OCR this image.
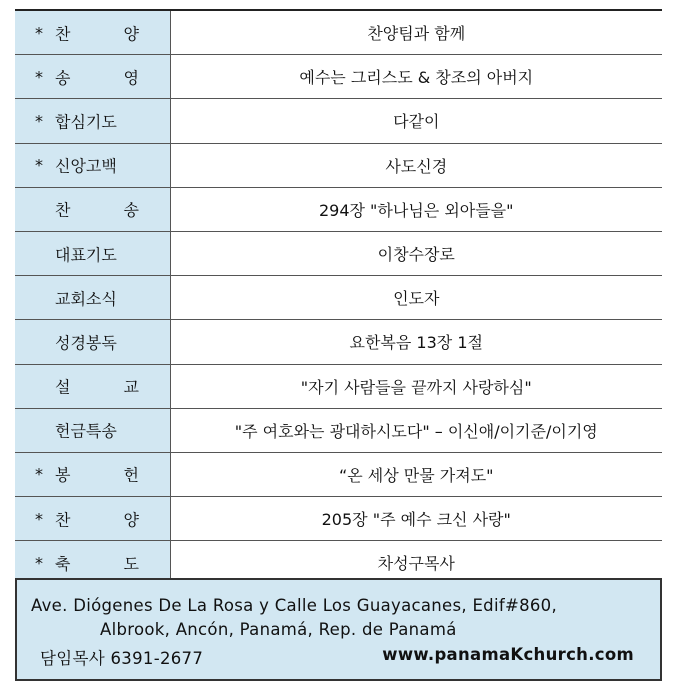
* 찬 양	찬양팀과 함께

* 송 영	예수는 그리스도 & 창조의 아버지

* 합심기도	다같이

* 신앙고백	사도신경

찬 송	294장 "하나님은 외아들을"

대표기도	이창수장로

교회소식	인도자

성경봉독	요한복음 13장 1절

설 교	"자기 사람들을 끝까지 사랑하심"

헌금특송	"주 여호와는 광대하시도다" – 이신애/이기준/이기영

* 봉 헌	“온 세상 만물 가져도"

* 찬 양	205장 "주 예수 크신 사랑"

* 축 도	차성구목사
Ave. Diógenes De La Rosa y Calle Los Guayacanes, Edif#860,
Albrook, Ancón, Panamá, Rep. de Panamá
담임목사 6391-2677	www.panamaKchurch.com
